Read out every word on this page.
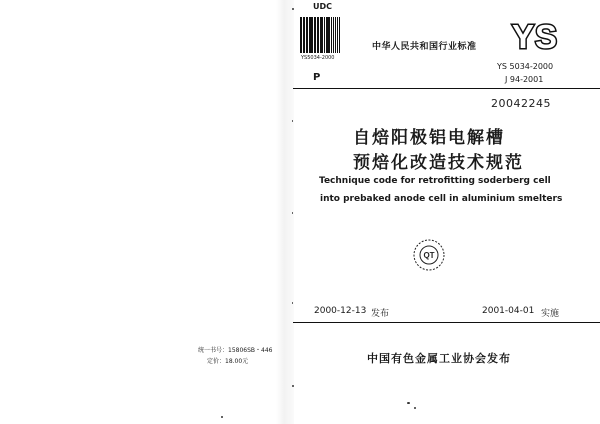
统一书号：15806SB・446
定价：18.00元
UDC
YS5034-2000
中华人民共和国行业标准 YS
YS 5034-2000
J 94-2001
P
20042245
自焙阳极铝电解槽
预焙化改造技术规范
Technique code for retrofitting soderberg cell
into prebaked anode cell in aluminium smelters
QT
2000-12-13 发布	2001-04-01 实施
中国有色金属工业协会发布
